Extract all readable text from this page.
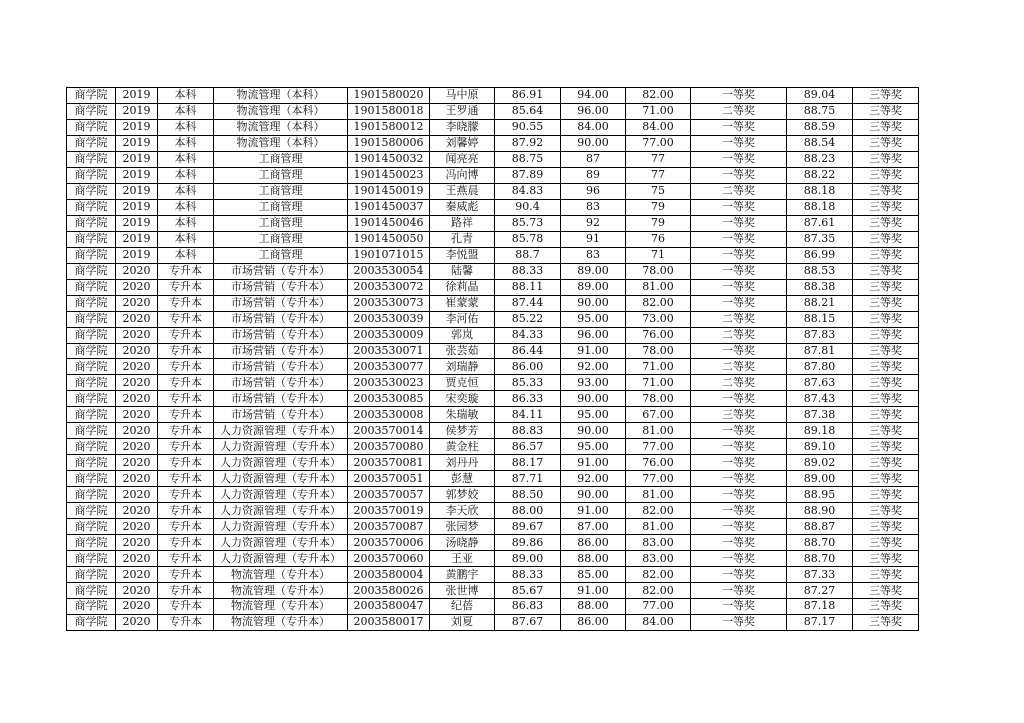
商学院	2019	本科	物流管理（本科）	1901580020	马中原	86.91	94.00	82.00	一等奖	89.04	三等奖
商学院	2019	本科	物流管理（本科）	1901580018	王罗通	85.64	96.00	71.00	二等奖	88.75	三等奖
商学院	2019	本科	物流管理（本科）	1901580012	李晓朦	90.55	84.00	84.00	一等奖	88.59	三等奖
商学院	2019	本科	物流管理（本科）	1901580006	刘馨婷	87.92	90.00	77.00	一等奖	88.54	三等奖
商学院	2019	本科	工商管理	1901450032	闻亮亮	88.75	87	77	一等奖	88.23	三等奖
商学院	2019	本科	工商管理	1901450023	冯向博	87.89	89	77	一等奖	88.22	三等奖
商学院	2019	本科	工商管理	1901450019	王燕晨	84.83	96	75	二等奖	88.18	三等奖
商学院	2019	本科	工商管理	1901450037	秦威彪	90.4	83	79	一等奖	88.18	三等奖
商学院	2019	本科	工商管理	1901450046	路祥	85.73	92	79	一等奖	87.61	三等奖
商学院	2019	本科	工商管理	1901450050	孔青	85.78	91	76	一等奖	87.35	三等奖
商学院	2019	本科	工商管理	1901071015	李悦盟	88.7	83	71	一等奖	86.99	三等奖
商学院	2020	专升本	市场营销（专升本）	2003530054	陆馨	88.33	89.00	78.00	一等奖	88.53	三等奖
商学院	2020	专升本	市场营销（专升本）	2003530072	徐莉晶	88.11	89.00	81.00	一等奖	88.38	三等奖
商学院	2020	专升本	市场营销（专升本）	2003530073	崔蒙蒙	87.44	90.00	82.00	一等奖	88.21	三等奖
商学院	2020	专升本	市场营销（专升本）	2003530039	李河佑	85.22	95.00	73.00	二等奖	88.15	三等奖
商学院	2020	专升本	市场营销（专升本）	2003530009	郭岚	84.33	96.00	76.00	二等奖	87.83	三等奖
商学院	2020	专升本	市场营销（专升本）	2003530071	张芸茹	86.44	91.00	78.00	一等奖	87.81	三等奖
商学院	2020	专升本	市场营销（专升本）	2003530077	刘瑞静	86.00	92.00	71.00	二等奖	87.80	三等奖
商学院	2020	专升本	市场营销（专升本）	2003530023	贾克恒	85.33	93.00	71.00	二等奖	87.63	三等奖
商学院	2020	专升本	市场营销（专升本）	2003530085	宋奕璇	86.33	90.00	78.00	一等奖	87.43	三等奖
商学院	2020	专升本	市场营销（专升本）	2003530008	朱瑞敏	84.11	95.00	67.00	三等奖	87.38	三等奖
商学院	2020	专升本	人力资源管理（专升本）	2003570014	侯梦芳	88.83	90.00	81.00	一等奖	89.18	三等奖
商学院	2020	专升本	人力资源管理（专升本）	2003570080	黄金柱	86.57	95.00	77.00	一等奖	89.10	三等奖
商学院	2020	专升本	人力资源管理（专升本）	2003570081	刘丹丹	88.17	91.00	76.00	一等奖	89.02	三等奖
商学院	2020	专升本	人力资源管理（专升本）	2003570051	彭慧	87.71	92.00	77.00	一等奖	89.00	三等奖
商学院	2020	专升本	人力资源管理（专升本）	2003570057	郭梦姣	88.50	90.00	81.00	一等奖	88.95	三等奖
商学院	2020	专升本	人力资源管理（专升本）	2003570019	李天欣	88.00	91.00	82.00	一等奖	88.90	三等奖
商学院	2020	专升本	人力资源管理（专升本）	2003570087	张园梦	89.67	87.00	81.00	一等奖	88.87	三等奖
商学院	2020	专升本	人力资源管理（专升本）	2003570006	汤晓静	89.86	86.00	83.00	一等奖	88.70	三等奖
商学院	2020	专升本	人力资源管理（专升本）	2003570060	王亚	89.00	88.00	83.00	一等奖	88.70	三等奖
商学院	2020	专升本	物流管理（专升本）	2003580004	黄鹏宇	88.33	85.00	82.00	一等奖	87.33	三等奖
商学院	2020	专升本	物流管理（专升本）	2003580026	张世博	85.67	91.00	82.00	一等奖	87.27	三等奖
商学院	2020	专升本	物流管理（专升本）	2003580047	纪蓓	86.83	88.00	77.00	一等奖	87.18	三等奖
商学院	2020	专升本	物流管理（专升本）	2003580017	刘夏	87.67	86.00	84.00	一等奖	87.17	三等奖
